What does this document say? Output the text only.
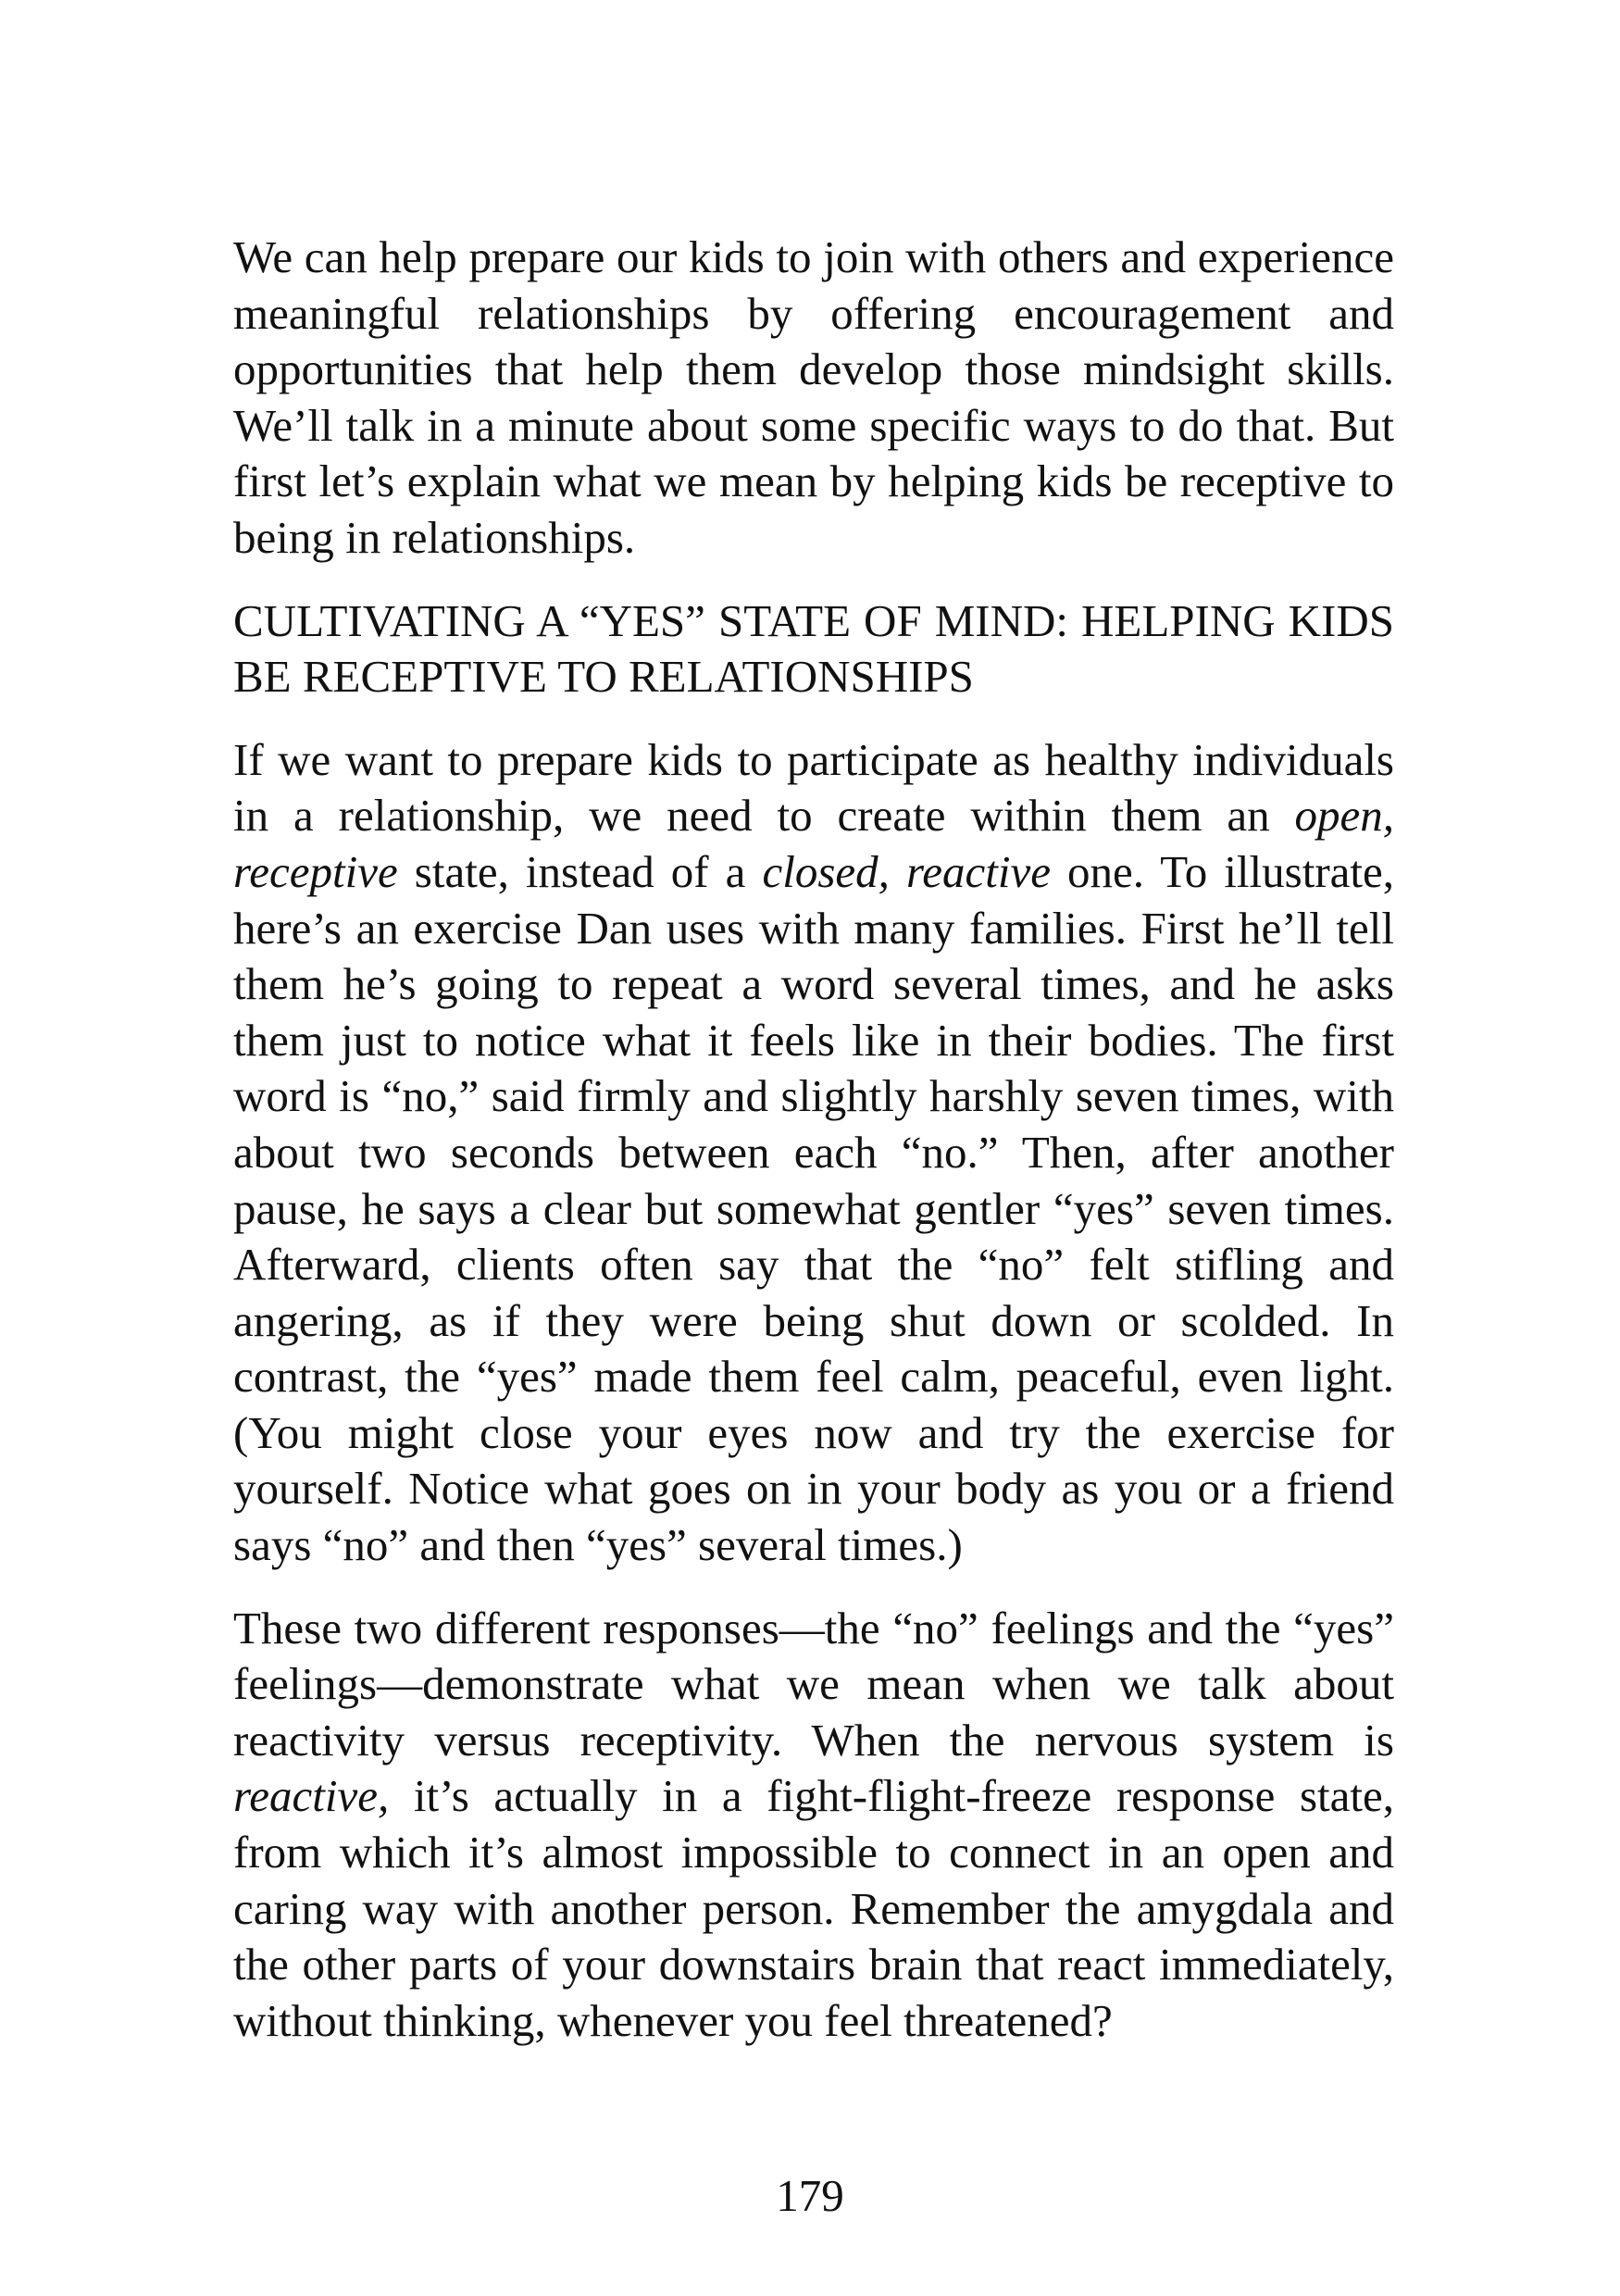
We can help prepare our kids to join with others and experience meaningful relationships by offering encouragement and opportunities that help them develop those mindsight skills. We’ll talk in a minute about some specific ways to do that. But first let’s explain what we mean by helping kids be receptive to being in relationships.

CULTIVATING A “YES” STATE OF MIND: HELPING KIDS BE RECEPTIVE TO RELATIONSHIPS

If we want to prepare kids to participate as healthy individuals in a relationship, we need to create within them an open, receptive state, instead of a closed, reactive one. To illustrate, here’s an exercise Dan uses with many families. First he’ll tell them he’s going to repeat a word several times, and he asks them just to notice what it feels like in their bodies. The first word is “no,” said firmly and slightly harshly seven times, with about two seconds between each “no.” Then, after another pause, he says a clear but somewhat gentler “yes” seven times. Afterward, clients often say that the “no” felt stifling and angering, as if they were being shut down or scolded. In contrast, the “yes” made them feel calm, peaceful, even light. (You might close your eyes now and try the exercise for yourself. Notice what goes on in your body as you or a friend says “no” and then “yes” several times.)

These two different responses—the “no” feelings and the “yes” feelings—demonstrate what we mean when we talk about reactivity versus receptivity. When the nervous system is reactive, it’s actually in a fight-flight-freeze response state, from which it’s almost impossible to connect in an open and caring way with another person. Remember the amygdala and the other parts of your downstairs brain that react immediately, without thinking, whenever you feel threatened?

179
